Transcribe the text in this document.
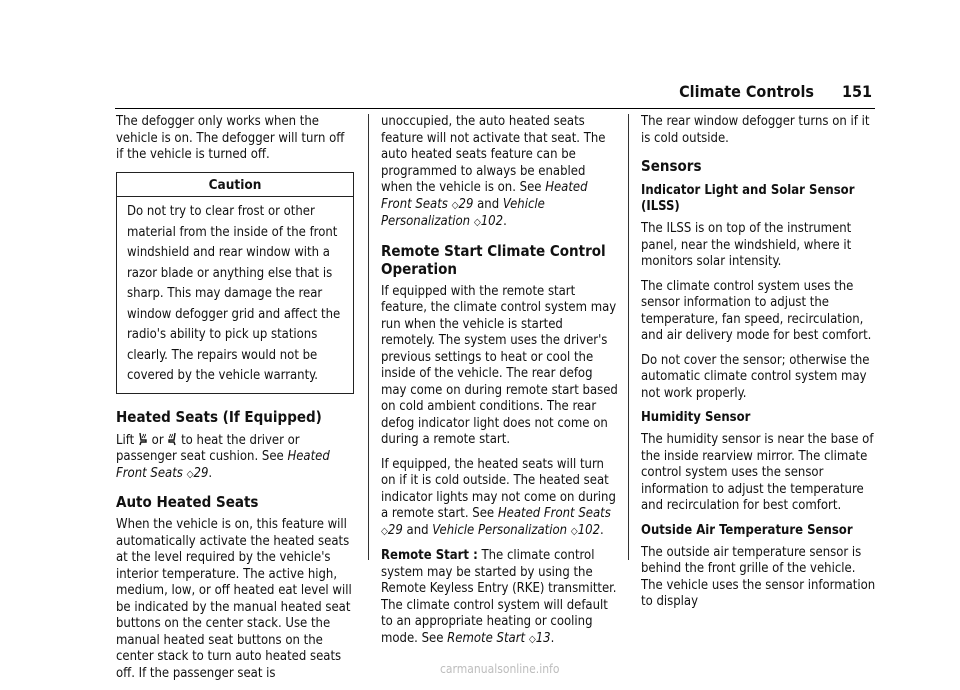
Climate Controls 151

The defogger only works when the vehicle is on. The defogger will turn off if the vehicle is turned off.

Caution
Do not try to clear frost or other material from the inside of the front windshield and rear window with a razor blade or anything else that is sharp. This may damage the rear window defogger grid and affect the radio's ability to pick up stations clearly. The repairs would not be covered by the vehicle warranty.
Heated Seats (If Equipped)

Lift or to heat the driver or passenger seat cushion. See Heated Front Seats ◇29.

Auto Heated Seats

When the vehicle is on, this feature will automatically activate the heated seats at the level required by the vehicle's interior temperature. The active high, medium, low, or off heated eat level will be indicated by the manual heated seat buttons on the center stack. Use the manual heated seat buttons on the center stack to turn auto heated seats off. If the passenger seat is

unoccupied, the auto heated seats feature will not activate that seat. The auto heated seats feature can be programmed to always be enabled when the vehicle is on. See Heated Front Seats ◇29 and Vehicle Personalization ◇102.

Remote Start Climate Control Operation

If equipped with the remote start feature, the climate control system may run when the vehicle is started remotely. The system uses the driver's previous settings to heat or cool the inside of the vehicle. The rear defog may come on during remote start based on cold ambient conditions. The rear defog indicator light does not come on during a remote start.

If equipped, the heated seats will turn on if it is cold outside. The heated seat indicator lights may not come on during a remote start. See Heated Front Seats ◇29 and Vehicle Personalization ◇102.

Remote Start : The climate control system may be started by using the Remote Keyless Entry (RKE) transmitter. The climate control system will default to an appropriate heating or cooling mode. See Remote Start ◇13.

The rear window defogger turns on if it is cold outside.

Sensors
Indicator Light and Solar Sensor (ILSS)

The ILSS is on top of the instrument panel, near the windshield, where it monitors solar intensity.

The climate control system uses the sensor information to adjust the temperature, fan speed, recirculation, and air delivery mode for best comfort.

Do not cover the sensor; otherwise the automatic climate control system may not work properly.

Humidity Sensor

The humidity sensor is near the base of the inside rearview mirror. The climate control system uses the sensor information to adjust the temperature and recirculation for best comfort.

Outside Air Temperature Sensor

The outside air temperature sensor is behind the front grille of the vehicle. The vehicle uses the sensor information to display

carmanualsonline.info
